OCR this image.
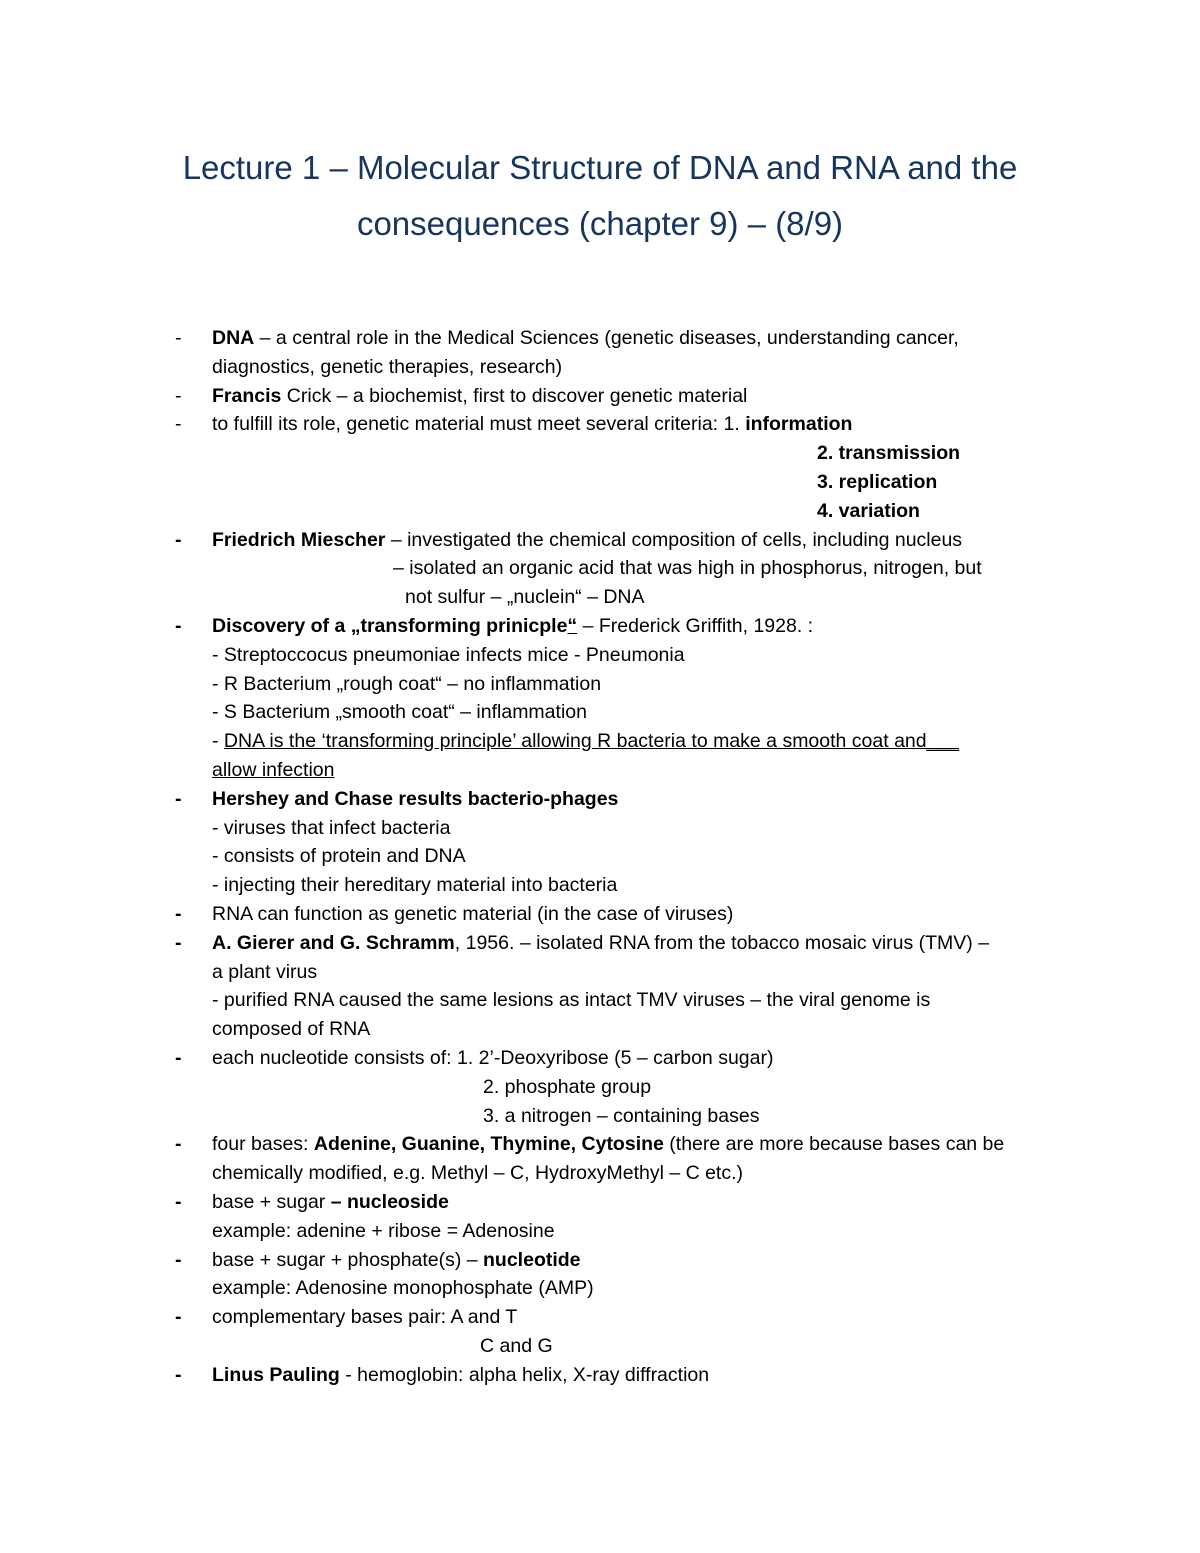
Lecture 1 – Molecular Structure of DNA and RNA and the
consequences (chapter 9) – (8/9)
- DNA – a central role in the Medical Sciences (genetic diseases, understanding cancer,
diagnostics, genetic therapies, research)
- Francis Crick – a biochemist, first to discover genetic material
- to fulfill its role, genetic material must meet several criteria: 1. information
2. transmission
3. replication
4. variation
- Friedrich Miescher – investigated the chemical composition of cells, including nucleus
– isolated an organic acid that was high in phosphorus, nitrogen, but
not sulfur – „nuclein“ – DNA
- Discovery of a „transforming prinicple“ – Frederick Griffith, 1928. :
- Streptoccocus pneumoniae infects mice - Pneumonia
- R Bacterium „rough coat“ – no inflammation
- S Bacterium „smooth coat“ – inflammation
- DNA is the ‘transforming principle’ allowing R bacteria to make a smooth coat and___
allow infection
- Hershey and Chase results bacterio-phages
- viruses that infect bacteria
- consists of protein and DNA
- injecting their hereditary material into bacteria
- RNA can function as genetic material (in the case of viruses)
- A. Gierer and G. Schramm, 1956. – isolated RNA from the tobacco mosaic virus (TMV) –
a plant virus
- purified RNA caused the same lesions as intact TMV viruses – the viral genome is
composed of RNA
- each nucleotide consists of: 1. 2’-Deoxyribose (5 – carbon sugar)
2. phosphate group
3. a nitrogen – containing bases
- four bases: Adenine, Guanine, Thymine, Cytosine (there are more because bases can be
chemically modified, e.g. Methyl – C, HydroxyMethyl – C etc.)
- base + sugar – nucleoside
example: adenine + ribose = Adenosine
- base + sugar + phosphate(s) – nucleotide
example: Adenosine monophosphate (AMP)
- complementary bases pair: A and T
C and G
- Linus Pauling - hemoglobin: alpha helix, X-ray diffraction
